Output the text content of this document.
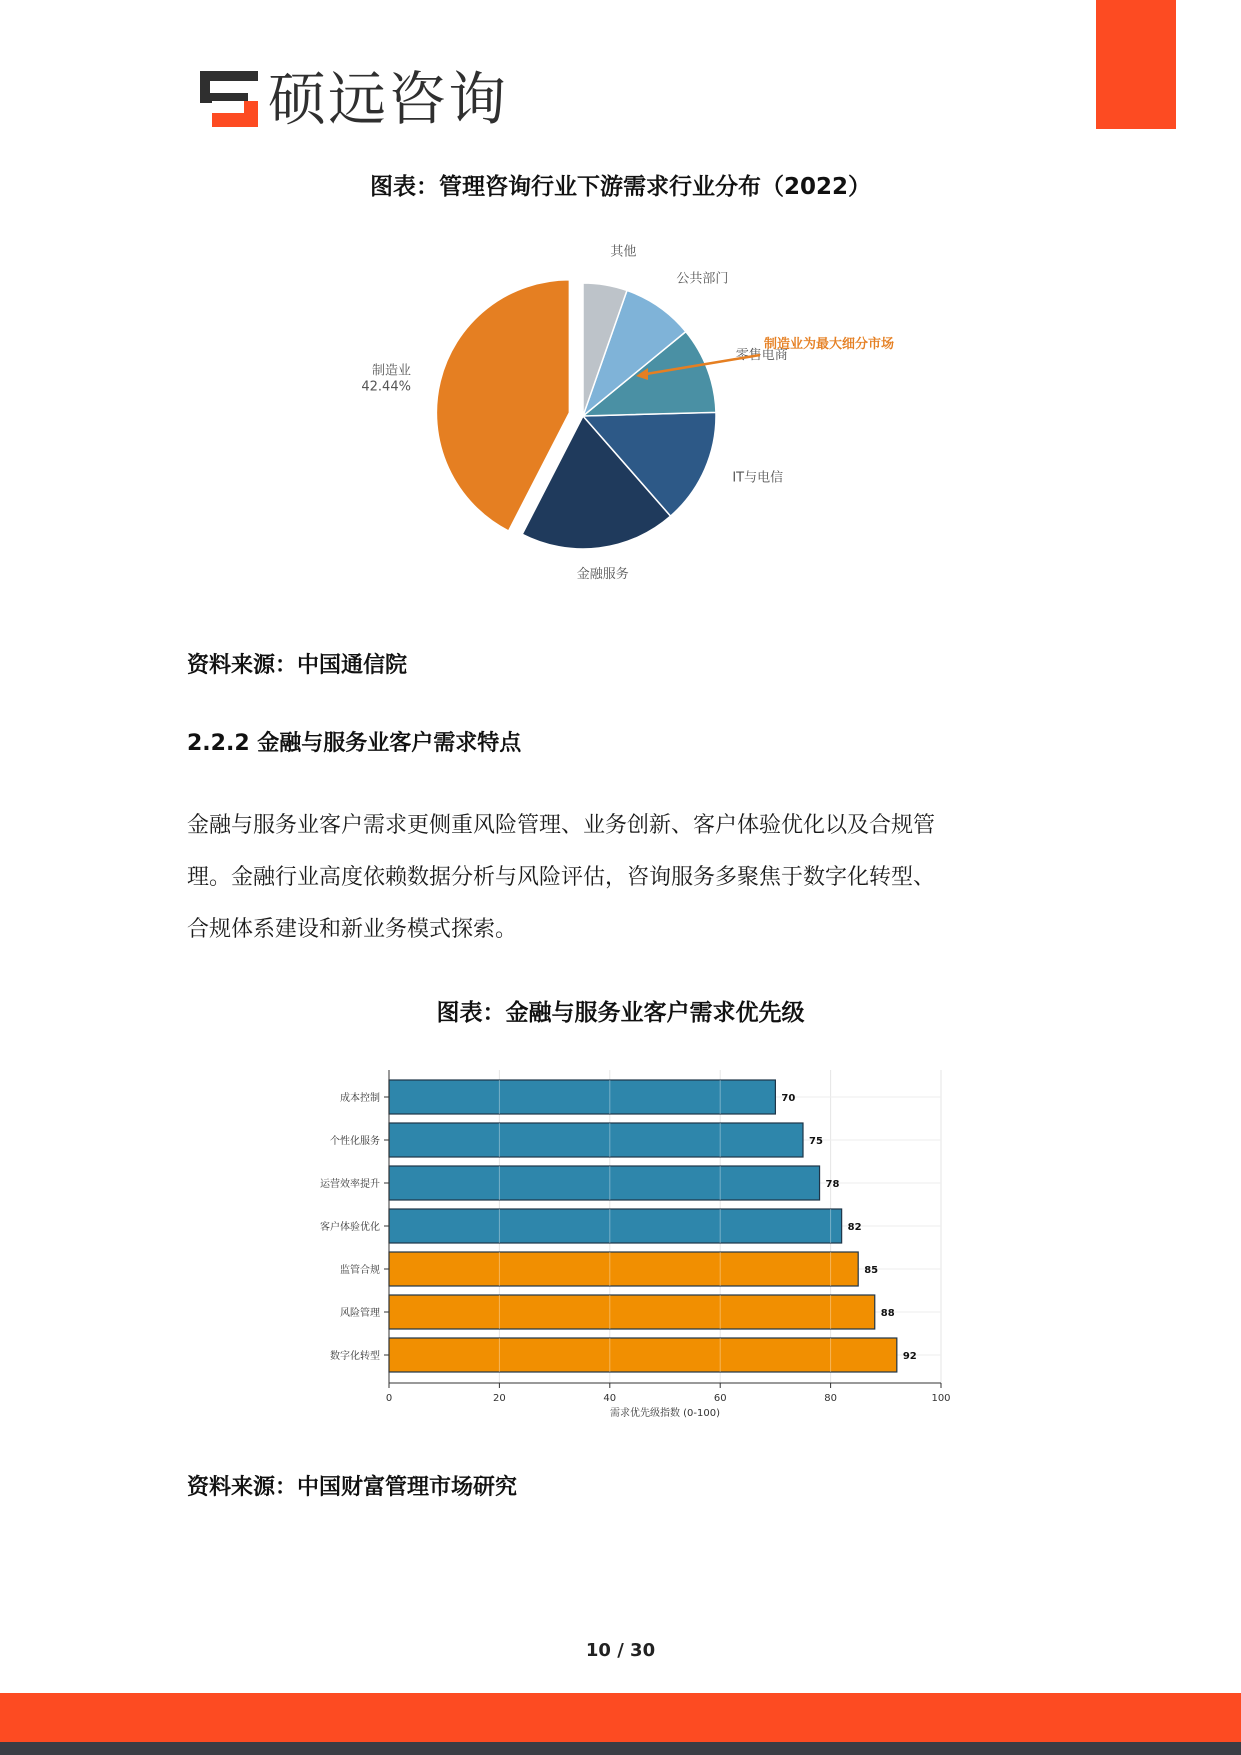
硕远咨询
图表：管理咨询行业下游需求行业分布（2022）
制造业
42.44%
金融服务
IT与电信
零售电商
公共部门
其他
制造业为最大细分市场
资料来源：中国通信院
2.2.2 金融与服务业客户需求特点
金融与服务业客户需求更侧重风险管理、业务创新、客户体验优化以及合规管
理。金融行业高度依赖数据分析与风险评估，咨询服务多聚焦于数字化转型、
合规体系建设和新业务模式探索。
图表：金融与服务业客户需求优先级
70
75
78
82
85
88
92
成本控制
个性化服务
运营效率提升
客户体验优化
监管合规
风险管理
数字化转型
0	20	40	60	80	100
需求优先级指数 (0-100)
资料来源：中国财富管理市场研究
10 / 30
